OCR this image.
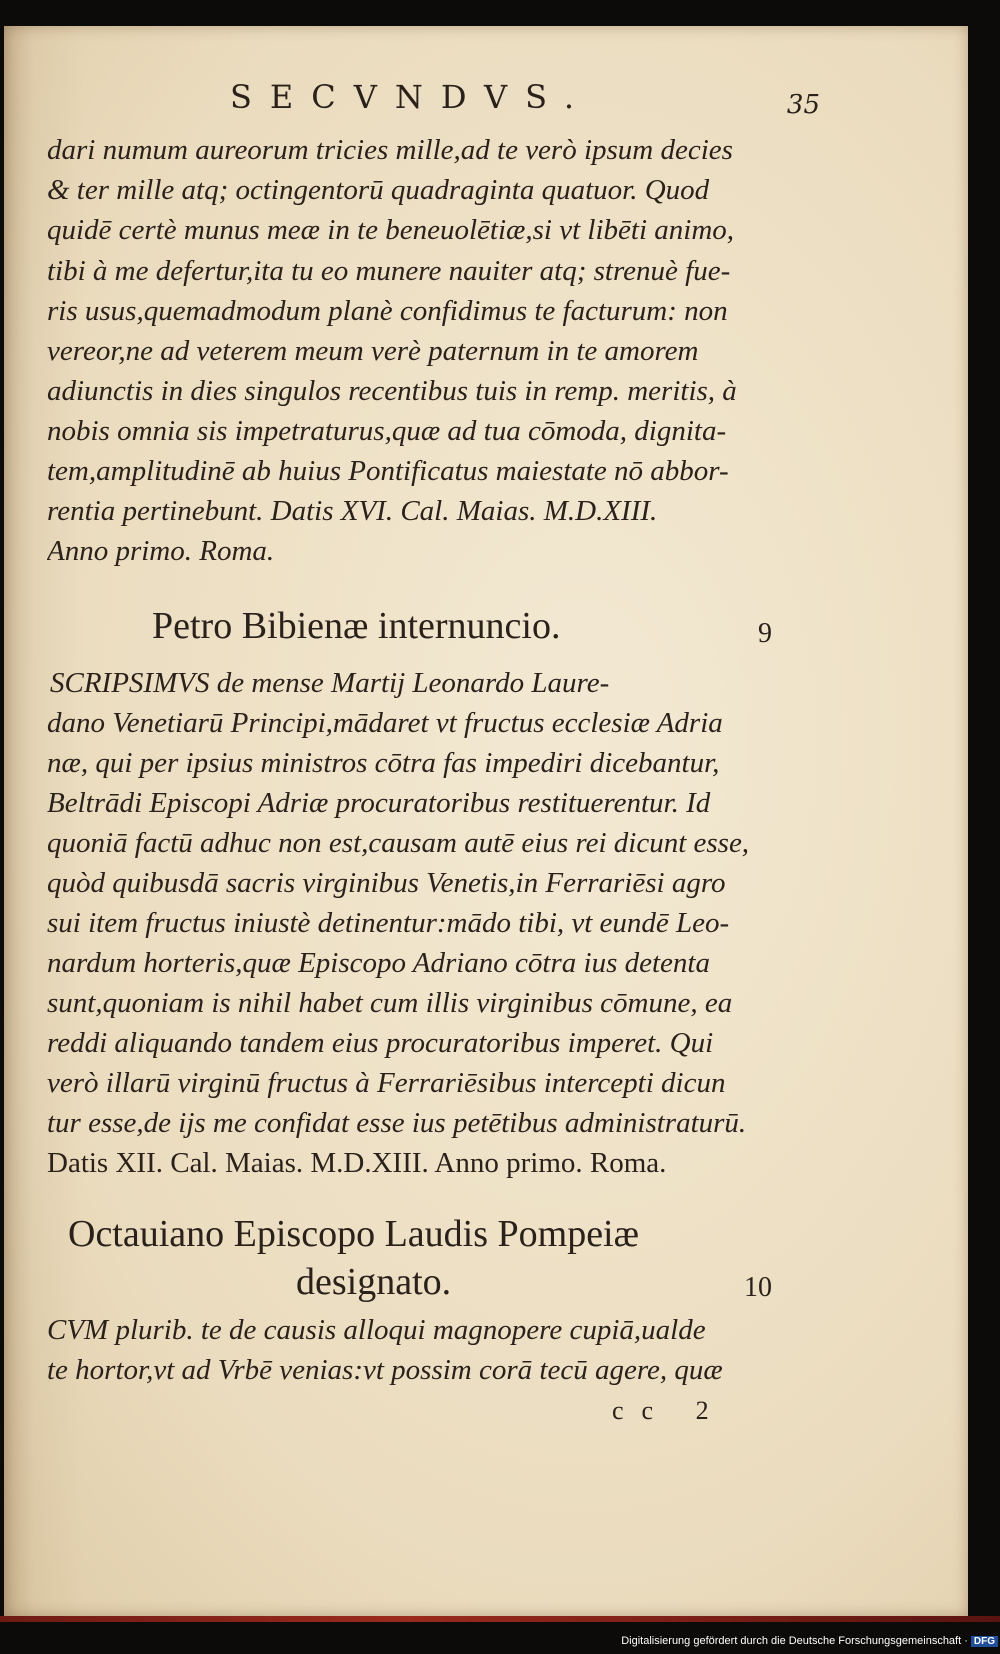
SECVNDVS.	35
dari numum aureorum tricies mille,ad te verò ipsum decies
& ter mille atq; octingentorū quadraginta quatuor. Quod
quidē certè munus meæ in te beneuolētiæ,si vt libēti animo,
tibi à me defertur,ita tu eo munere nauiter atq; strenuè fue-
ris usus,quemadmodum planè confidimus te facturum: non
vereor,ne ad veterem meum verè paternum in te amorem
adiunctis in dies singulos recentibus tuis in remp. meritis, à
nobis omnia sis impetraturus,quæ ad tua cōmoda, dignita-
tem,amplitudinē ab huius Pontificatus maiestate nō abbor-
rentia pertinebunt. Datis XVI. Cal. Maias. M.D.XIII.
Anno primo. Roma.
Petro Bibienæ internuncio.	9
SCRIPSIMVS de mense Martij Leonardo Laure-
dano Venetiarū Principi,mādaret vt fructus ecclesiæ Adria
næ, qui per ipsius ministros cōtra fas impediri dicebantur,
Beltrādi Episcopi Adriæ procuratoribus restituerentur. Id
quoniā factū adhuc non est,causam autē eius rei dicunt esse,
quòd quibusdā sacris virginibus Venetis,in Ferrariēsi agro
sui item fructus iniustè detinentur:mādo tibi, vt eundē Leo-
nardum horteris,quæ Episcopo Adriano cōtra ius detenta
sunt,quoniam is nihil habet cum illis virginibus cōmune, ea
reddi aliquando tandem eius procuratoribus imperet. Qui
verò illarū virginū fructus à Ferrariēsibus intercepti dicun
tur esse,de ijs me confidat esse ius petētibus administraturū.
Datis XII. Cal. Maias. M.D.XIII. Anno primo. Roma.
Octauiano Episcopo Laudis Pompeiæ
designato.	10
CVM plurib. te de causis alloqui magnopere cupiā,ualde
te hortor,vt ad Vrbē venias:vt possim corā tecū agere, quæ
cc 2
Digitalisierung gefördert durch die Deutsche Forschungsgemeinschaft · DFG
